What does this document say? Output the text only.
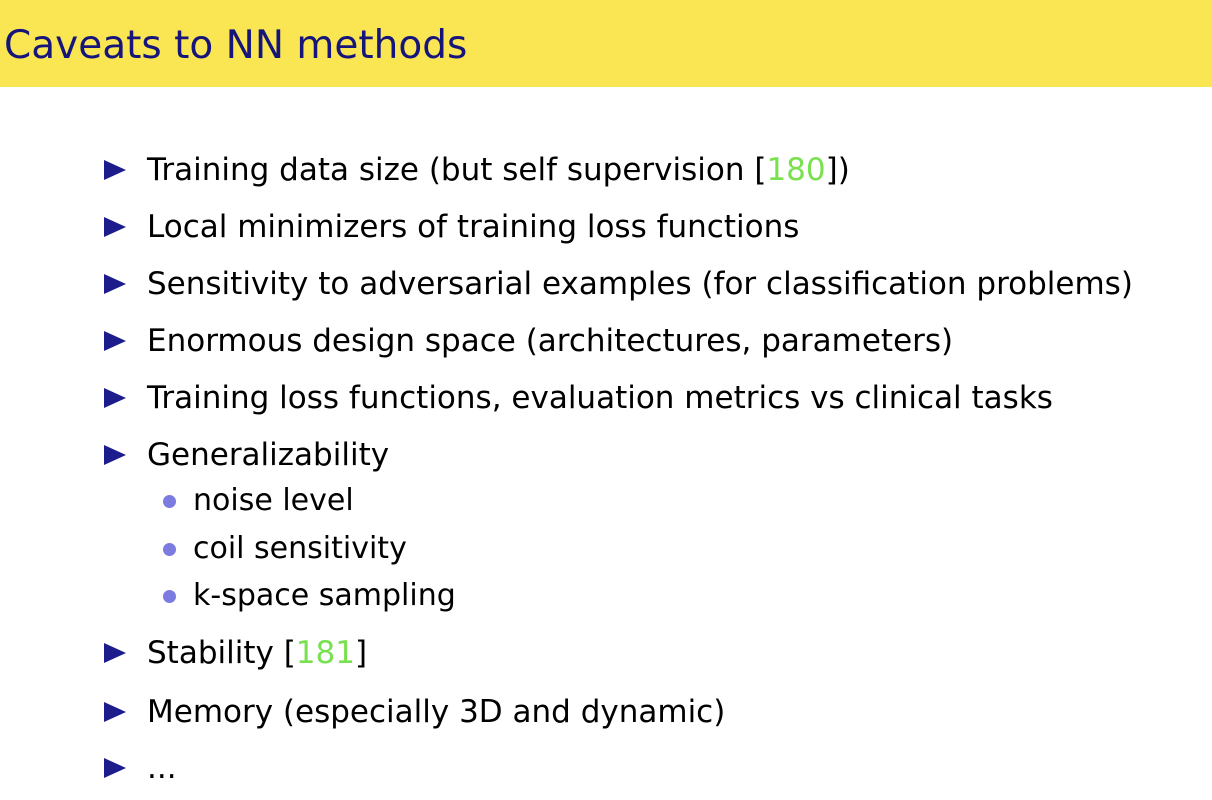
Caveats to NN methods
Training data size (but self supervision [180])
Local minimizers of training loss functions
Sensitivity to adversarial examples (for classification problems)
Enormous design space (architectures, parameters)
Training loss functions, evaluation metrics vs clinical tasks
Generalizability
noise level
coil sensitivity
k-space sampling
Stability [181]
Memory (especially 3D and dynamic)
...
